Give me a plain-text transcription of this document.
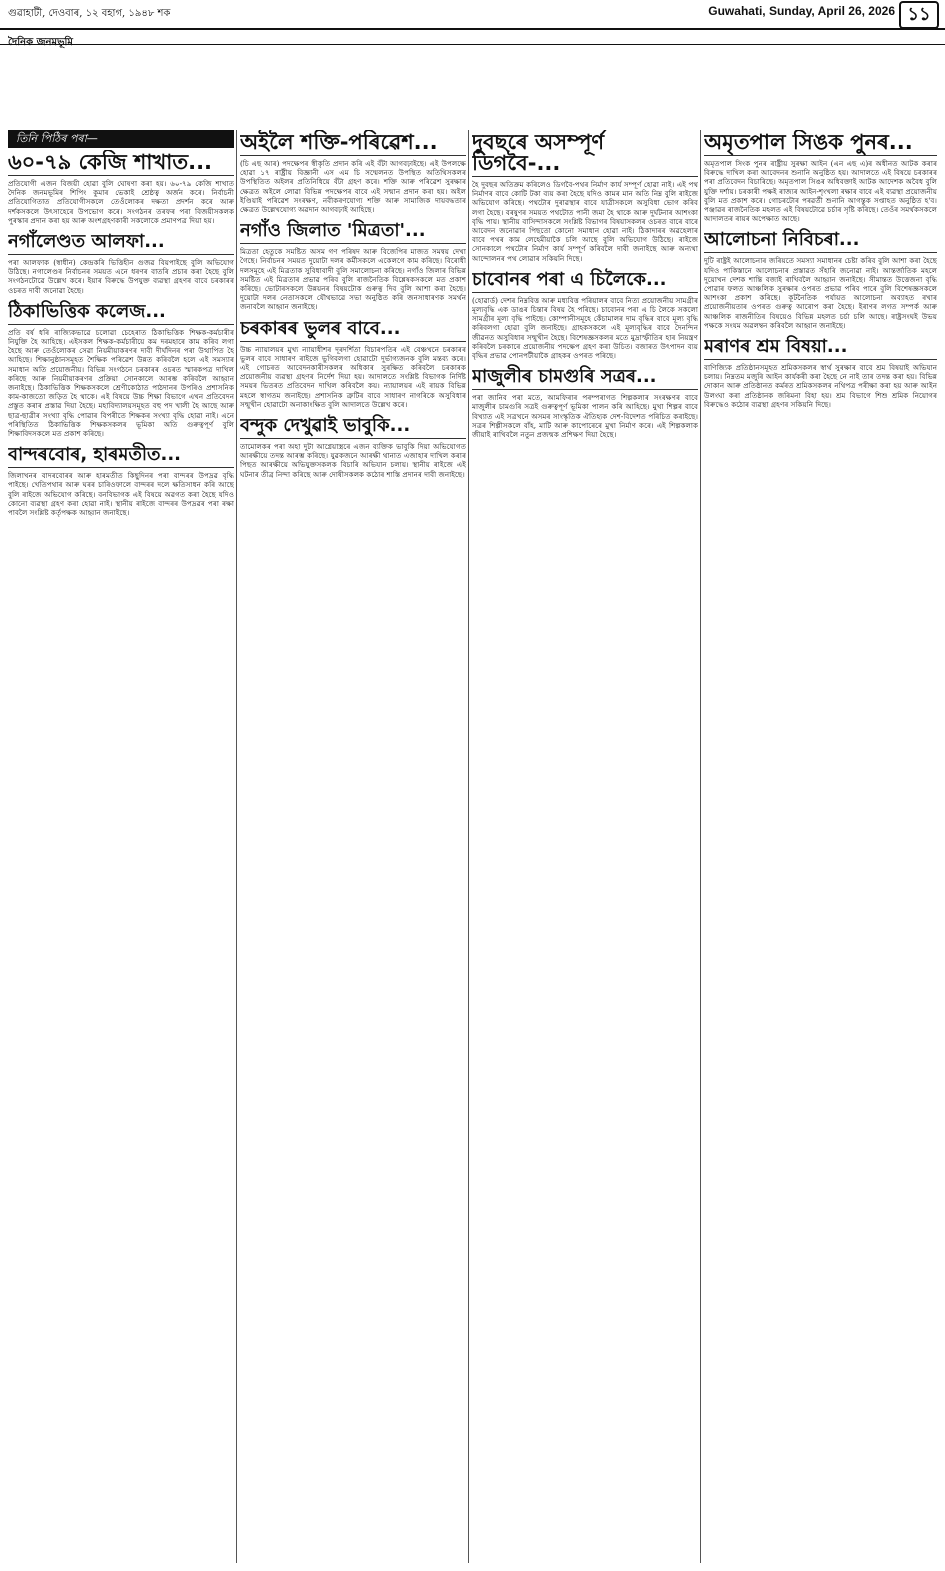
গুৱাহাটী, দেওবাৰ, ১২ বহাগ, ১৯৪৮ শক	Guwahati, Sunday, April 26, 2026 ১১
দৈনিক জনমভূমি
তিনি পিঠিৰ পৰা—
৬০-৭৯ কেজি শাখাত...

প্ৰতিযোগী এজন বিজয়ী হোৱা বুলি ঘোষণা কৰা হয়। ৬০-৭৯ কেজি শাখাত দৈনিক জনমভূমিৰ শিপিং কুমাৰ ভেকাই শ্ৰেষ্ঠত্ব অৰ্জন কৰে। নিৰ্বাচনী প্ৰতিযোগিতাত প্ৰতিযোগীসকলে তেওঁলোকৰ দক্ষতা প্ৰদৰ্শন কৰে আৰু দৰ্শকসকলে উৎসাহেৰে উপভোগ কৰে। সংগঠনৰ তৰফৰ পৰা বিজয়ীসকলক পুৰস্কাৰ প্ৰদান কৰা হয় আৰু অংশগ্ৰহণকাৰী সকলোকে প্ৰমাণপত্ৰ দিয়া হয়।

নগাঁলেণ্ডত আলফা...

পৰা আলফাক (স্বাধীন) কেন্দ্ৰকৰি ভিত্তিহীন গুজৱ বিয়পাইছে বুলি অভিযোগ উঠিছে। নগালেণ্ডৰ নিৰ্বাচনৰ সময়ত এনে ধৰণৰ বাতৰি প্ৰচাৰ কৰা হৈছে বুলি সংগঠনটোৱে উল্লেখ কৰে। ইয়াৰ বিৰুদ্ধে উপযুক্ত ব্যৱস্থা গ্ৰহণৰ বাবে চৰকাৰৰ ওচৰত দাবী জনোৱা হৈছে।

ঠিকাভিত্তিক কলেজ...

প্ৰতি বৰ্ষ ধৰি ৰাজ্যিকভাৱে চলোৱা চেহেৰাত ঠিকাভিত্তিক শিক্ষক-কৰ্মচাৰীৰ নিযুক্তি হৈ আহিছে। এইসকল শিক্ষক-কৰ্মচাৰীয়ে কম দৰমহাৰে কাম কৰিব লগা হৈছে আৰু তেওঁলোকৰ সেৱা নিয়মীয়াকৰণৰ দাবী দীৰ্ঘদিনৰ পৰা উত্থাপিত হৈ আহিছে। শিক্ষানুষ্ঠানসমূহত শৈক্ষিক পৰিৱেশ উন্নত কৰিবলৈ হলে এই সমস্যাৰ সমাধান অতি প্ৰয়োজনীয়। বিভিন্ন সংগঠনে চৰকাৰৰ ওচৰত স্মাৰকপত্ৰ দাখিল কৰিছে আৰু নিয়মীয়াকৰণৰ প্ৰক্ৰিয়া সোনকালে আৰম্ভ কৰিবলৈ আহ্বান জনাইছে। ঠিকাভিত্তিক শিক্ষকসকলে শ্ৰেণীকোঠাত পাঠদানৰ উপৰিও প্ৰশাসনিক কাম-কাজতো জড়িত হৈ থাকে। এই বিষয়ে উচ্চ শিক্ষা বিভাগে এখন প্ৰতিবেদন প্ৰস্তুত কৰাৰ প্ৰস্তাৱ দিয়া হৈছে। মহাবিদ্যালয়সমূহত বহু পদ খালী হৈ আছে আৰু ছাত্ৰ-ছাত্ৰীৰ সংখ্যা বৃদ্ধি পোৱাৰ বিপৰীতে শিক্ষকৰ সংখ্যা বৃদ্ধি হোৱা নাই। এনে পৰিস্থিতিত ঠিকাভিত্তিক শিক্ষকসকলৰ ভূমিকা অতি গুৰুত্বপূৰ্ণ বুলি শিক্ষাবিদসকলে মত প্ৰকাশ কৰিছে।

বান্দৰবোৰ, হাৰমতীত...

জিলাখনৰ বাদৰবোৰৰ আৰু হাৰমতীত কিছুদিনৰ পৰা বান্দৰৰ উপদ্ৰৱ বৃদ্ধি পাইছে। খেতিপথাৰ আৰু ঘৰৰ চাৰিওফালে বান্দৰৰ দলে ক্ষতিসাধন কৰি আছে বুলি ৰাইজে অভিযোগ কৰিছে। বনবিভাগক এই বিষয়ে অৱগত কৰা হৈছে যদিও কোনো ব্যৱস্থা গ্ৰহণ কৰা হোৱা নাই। স্থানীয় ৰাইজে বান্দৰৰ উপদ্ৰৱৰ পৰা ৰক্ষা পাবলৈ সংশ্লিষ্ট কৰ্তৃপক্ষক আহ্বান জনাইছে।

অইলৈ শক্তি-পৰিৱেশ...

(চি এছ আৰ) পদক্ষেপৰ স্বীকৃতি প্ৰদান কৰি এই বঁটা আগবঢ়াইছে। এই উপলক্ষে হোৱা ১৭ ৰাষ্ট্ৰীয় বিজ্ঞানী এস এম চি সম্মেলনত উপস্থিত অতিথিসকলৰ উপস্থিতিত অইলৰ প্ৰতিনিধিয়ে বঁটা গ্ৰহণ কৰে। শক্তি আৰু পৰিৱেশ সুৰক্ষাৰ ক্ষেত্ৰত অইলে লোৱা বিভিন্ন পদক্ষেপৰ বাবে এই সন্মান প্ৰদান কৰা হয়। অইল ইণ্ডিয়াই পৰিৱেশ সংৰক্ষণ, নবীকৰণযোগ্য শক্তি আৰু সামাজিক দায়বদ্ধতাৰ ক্ষেত্ৰত উল্লেখযোগ্য অৱদান আগবঢ়াই আহিছে।

নগাঁও জিলাত 'মিত্ৰতা'...

মিত্ৰতা হেতুকে সমষ্টিত অসম গণ পৰিষদ আৰু বিজেপিৰ মাজত সমন্বয় দেখা গৈছে। নিৰ্বাচনৰ সময়ত দুয়োটা দলৰ কৰ্মীসকলে একেলগে কাম কৰিছে। বিৰোধী দলসমূহে এই মিত্ৰতাক সুবিধাবাদী বুলি সমালোচনা কৰিছে। নগাঁও জিলাৰ বিভিন্ন সমষ্টিত এই মিত্ৰতাৰ প্ৰভাৱ পৰিব বুলি ৰাজনৈতিক বিশ্লেষকসকলে মত প্ৰকাশ কৰিছে। ভোটাৰসকলে উন্নয়নৰ বিষয়টোক গুৰুত্ব দিব বুলি আশা কৰা হৈছে। দুয়োটা দলৰ নেতাসকলে যৌথভাৱে সভা অনুষ্ঠিত কৰি জনসাধাৰণক সমৰ্থন জনাবলৈ আহ্বান জনাইছে।

চৰকাৰৰ ভুলৰ বাবে...

উচ্চ ন্যায়ালয়ৰ মুখ্য ন্যায়াধীশৰ দূৰদৰ্শিতা বিচাৰপতিৰ এই বেঞ্চখনে চৰকাৰৰ ভুলৰ বাবে সাধাৰণ ৰাইজে ভুগিবলগা হোৱাটো দুৰ্ভাগ্যজনক বুলি মন্তব্য কৰে। এই গোচৰত আবেদনকাৰীসকলৰ অধিকাৰ সুৰক্ষিত কৰিবলৈ চৰকাৰক প্ৰয়োজনীয় ব্যৱস্থা গ্ৰহণৰ নিৰ্দেশ দিয়া হয়। আদালতে সংশ্লিষ্ট বিভাগক নিৰ্দিষ্ট সময়ৰ ভিতৰত প্ৰতিবেদন দাখিল কৰিবলৈ কয়। ন্যায়ালয়ৰ এই ৰায়ক বিভিন্ন মহলে স্বাগতম জনাইছে। প্ৰশাসনিক ত্ৰুটিৰ বাবে সাধাৰণ নাগৰিকে অসুবিধাৰ সন্মুখীন হোৱাটো অনাকাংক্ষিত বুলি আদালতে উল্লেখ কৰে।

বন্দুক দেখুৱাই ভাবুকি...

তামোলকৰ পৰা অহা দুটা আগ্নেয়াস্ত্ৰৰে এজন ব্যক্তিক ভাবুকি দিয়া অভিযোগত আৰক্ষীয়ে তদন্ত আৰম্ভ কৰিছে। যুৱকজনে আৰক্ষী থানাত এজাহাৰ দাখিল কৰাৰ পিছত আৰক্ষীয়ে অভিযুক্তসকলক বিচাৰি অভিযান চলায়। স্থানীয় ৰাইজে এই ঘটনাৰ তীব্ৰ নিন্দা কৰিছে আৰু দোষীসকলক কঠোৰ শাস্তি প্ৰদানৰ দাবী জনাইছে।

দুবছৰে অসম্পূৰ্ণ ডিগবৈ-...

হৈ দুবছৰ অতিক্ৰম কৰিলেও ডিগবৈ-পথৰ নিৰ্মাণ কাৰ্য সম্পূৰ্ণ হোৱা নাই। এই পথ নিৰ্মাণৰ বাবে কোটি টকা ব্যয় কৰা হৈছে যদিও কামৰ মান অতি নিম্ন বুলি ৰাইজে অভিযোগ কৰিছে। পথটোৰ দুৰাৱস্থাৰ বাবে যাত্ৰীসকলে অসুবিধা ভোগ কৰিব লগা হৈছে। বৰষুণৰ সময়ত পথটোত পানী জমা হৈ থাকে আৰু দুৰ্ঘটনাৰ আশংকা বৃদ্ধি পায়। স্থানীয় বাসিন্দাসকলে সংশ্লিষ্ট বিভাগৰ বিষয়াসকলৰ ওচৰত বাৰে বাৰে আবেদন জনোৱাৰ পিছতো কোনো সমাধান হোৱা নাই। ঠিকাদাৰৰ অৱহেলাৰ বাবে পথৰ কাম লেহেমীয়াকৈ চলি আছে বুলি অভিযোগ উঠিছে। ৰাইজে সোনকালে পথটোৰ নিৰ্মাণ কাৰ্য সম্পূৰ্ণ কৰিবলৈ দাবী জনাইছে আৰু অন্যথা আন্দোলনৰ পথ লোৱাৰ সকিয়নি দিছে।

চাবোনৰ পৰা এ চিলৈকে...

(হোৱাৰ্ড) দেশৰ নিম্নবিত্ত আৰু মধ্যবিত্ত পৰিয়ালৰ বাবে নিত্য প্ৰয়োজনীয় সামগ্ৰীৰ মূল্যবৃদ্ধি এক ডাঙৰ চিন্তাৰ বিষয় হৈ পৰিছে। চাবোনৰ পৰা এ চি লৈকে সকলো সামগ্ৰীৰ মূল্য বৃদ্ধি পাইছে। কোম্পানীসমূহে কেঁচামালৰ দাম বৃদ্ধিৰ বাবে মূল্য বৃদ্ধি কৰিবলগা হোৱা বুলি জনাইছে। গ্ৰাহকসকলে এই মূল্যবৃদ্ধিৰ বাবে দৈনন্দিন জীৱনত অসুবিধাৰ সন্মুখীন হৈছে। বিশেষজ্ঞসকলৰ মতে মুদ্ৰাস্ফীতিৰ হাৰ নিয়ন্ত্ৰণ কৰিবলৈ চৰকাৰে প্ৰয়োজনীয় পদক্ষেপ গ্ৰহণ কৰা উচিত। বজাৰত উৎপাদন ব্যয় বৃদ্ধিৰ প্ৰভাৱ পোনপটীয়াকৈ গ্ৰাহকৰ ওপৰত পৰিছে।

মাজুলীৰ চামগুৰি সত্ৰৰ...

পৰা জানিব পৰা মতে, আমফিৰাৰ পৰম্পৰাগত শিল্পকলাৰ সংৰক্ষণৰ বাবে মাজুলীৰ চামগুৰি সত্ৰই গুৰুত্বপূৰ্ণ ভূমিকা পালন কৰি আহিছে। মুখা শিল্পৰ বাবে বিখ্যাত এই সত্ৰখনে অসমৰ সাংস্কৃতিক ঐতিহ্যক দেশ-বিদেশত পৰিচিত কৰাইছে। সত্ৰৰ শিল্পীসকলে বাঁহ, মাটি আৰু কাপোৰেৰে মুখা নিৰ্মাণ কৰে। এই শিল্পকলাক জীয়াই ৰাখিবলৈ নতুন প্ৰজন্মক প্ৰশিক্ষণ দিয়া হৈছে।

অমৃতপাল সিঙক পুনৰ...

অমৃতপাল সিংক পুনৰ ৰাষ্ট্ৰীয় সুৰক্ষা আইন (এন এছ এ)ৰ অধীনত আটক কৰাৰ বিৰুদ্ধে দাখিল কৰা আবেদনৰ শুনানি অনুষ্ঠিত হয়। আদালতে এই বিষয়ে চৰকাৰৰ পৰা প্ৰতিবেদন বিচাৰিছে। অমৃতপাল সিঙৰ অধিবক্তাই আটক আদেশক অবৈধ বুলি যুক্তি দৰ্শায়। চৰকাৰী পক্ষই ৰাজ্যৰ আইন-শৃংখলা ৰক্ষাৰ বাবে এই ব্যৱস্থা প্ৰয়োজনীয় বুলি মত প্ৰকাশ কৰে। গোচৰটোৰ পৰৱৰ্তী শুনানি আগন্তুক সপ্তাহত অনুষ্ঠিত হ'ব। পঞ্জাৱৰ ৰাজনৈতিক মহলত এই বিষয়টোৱে চৰ্চাৰ সৃষ্টি কৰিছে। তেওঁৰ সমৰ্থকসকলে আদালতৰ ৰায়ৰ অপেক্ষাত আছে।

আলোচনা নিবিচৰা...

দুটি ৰাষ্ট্ৰই আলোচনাৰ জৰিয়তে সমস্যা সমাধানৰ চেষ্টা কৰিব বুলি আশা কৰা হৈছে যদিও পাকিস্তানে আলোচনাৰ প্ৰস্তাৱত সঁহাৰি জনোৱা নাই। আন্তৰ্জাতিক মহলে দুয়োখন দেশক শান্তি বজাই ৰাখিবলৈ আহ্বান জনাইছে। সীমান্তত উত্তেজনা বৃদ্ধি পোৱাৰ ফলত আঞ্চলিক সুৰক্ষাৰ ওপৰত প্ৰভাৱ পৰিব পাৰে বুলি বিশেষজ্ঞসকলে আশংকা প্ৰকাশ কৰিছে। কূটনৈতিক পৰ্যায়ত আলোচনা অব্যাহত ৰখাৰ প্ৰয়োজনীয়তাৰ ওপৰত গুৰুত্ব আৰোপ কৰা হৈছে। ইৰাণৰ লগত সম্পৰ্ক আৰু আঞ্চলিক ৰাজনীতিৰ বিষয়েও বিভিন্ন মহলত চৰ্চা চলি আছে। ৰাষ্ট্ৰসংঘই উভয় পক্ষকে সংযম অৱলম্বন কৰিবলৈ আহ্বান জনাইছে।

মৰাণৰ শ্ৰম বিষয়া...

বাণিজ্যিক প্ৰতিষ্ঠানসমূহত শ্ৰমিকসকলৰ স্বাৰ্থ সুৰক্ষাৰ বাবে শ্ৰম বিষয়াই অভিযান চলায়। নিম্নতম মজুৰি আইন কাৰ্যকৰী কৰা হৈছে নে নাই তাৰ তদন্ত কৰা হয়। বিভিন্ন দোকান আৰু প্ৰতিষ্ঠানত কৰ্মৰত শ্ৰমিকসকলৰ নথিপত্ৰ পৰীক্ষা কৰা হয় আৰু আইন উলংঘা কৰা প্ৰতিষ্ঠানক জৰিমনা বিহা হয়। শ্ৰম বিভাগে শিশু শ্ৰমিক নিয়োগৰ বিৰুদ্ধেও কঠোৰ ব্যৱস্থা গ্ৰহণৰ সকিয়নি দিছে।
